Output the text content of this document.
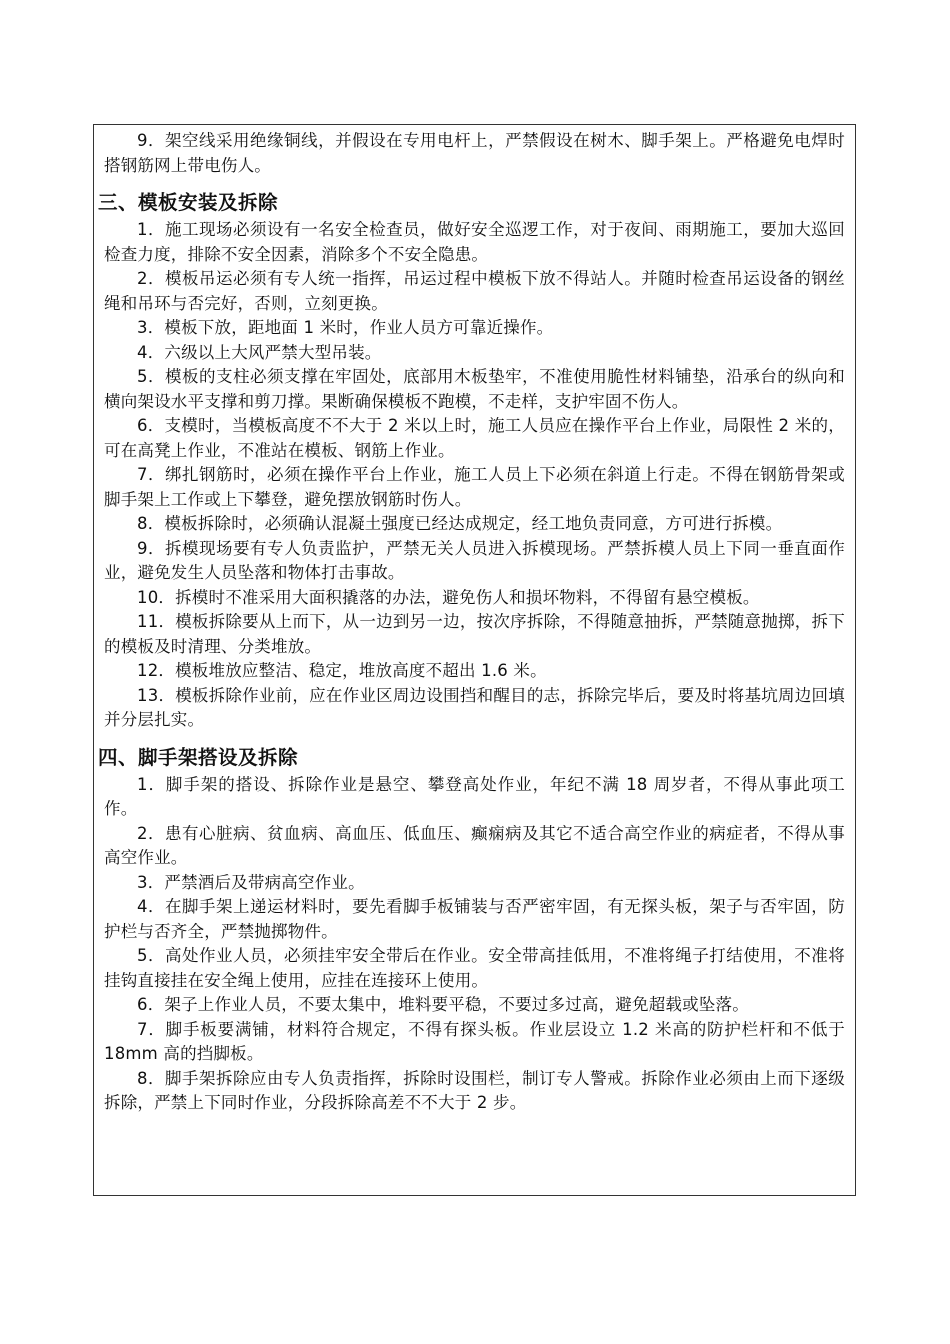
9．架空线采用绝缘铜线，并假设在专用电杆上，严禁假设在树木、脚手架上。严格避免电焊时搭钢筋网上带电伤人。

三、模板安装及拆除

1．施工现场必须设有一名安全检查员，做好安全巡逻工作，对于夜间、雨期施工，要加大巡回检查力度，排除不安全因素，消除多个不安全隐患。

2．模板吊运必须有专人统一指挥，吊运过程中模板下放不得站人。并随时检查吊运设备的钢丝绳和吊环与否完好，否则，立刻更换。

3．模板下放，距地面 1 米时，作业人员方可靠近操作。

4．六级以上大风严禁大型吊装。

5．模板的支柱必须支撑在牢固处，底部用木板垫牢，不准使用脆性材料铺垫，沿承台的纵向和横向架设水平支撑和剪刀撑。果断确保模板不跑模，不走样，支护牢固不伤人。

6．支模时，当模板高度不不大于 2 米以上时，施工人员应在操作平台上作业，局限性 2 米的，可在高凳上作业，不准站在模板、钢筋上作业。

7．绑扎钢筋时，必须在操作平台上作业，施工人员上下必须在斜道上行走。不得在钢筋骨架或脚手架上工作或上下攀登，避免摆放钢筋时伤人。

8．模板拆除时，必须确认混凝土强度已经达成规定，经工地负责同意，方可进行拆模。

9．拆模现场要有专人负责监护，严禁无关人员进入拆模现场。严禁拆模人员上下同一垂直面作业，避免发生人员坠落和物体打击事故。

10．拆模时不准采用大面积撬落的办法，避免伤人和损坏物料，不得留有悬空模板。

11．模板拆除要从上而下，从一边到另一边，按次序拆除，不得随意抽拆，严禁随意抛掷，拆下的模板及时清理、分类堆放。

12．模板堆放应整洁、稳定，堆放高度不超出 1.6 米。

13．模板拆除作业前，应在作业区周边设围挡和醒目的志，拆除完毕后，要及时将基坑周边回填并分层扎实。

四、脚手架搭设及拆除

1．脚手架的搭设、拆除作业是悬空、攀登高处作业，年纪不满 18 周岁者，不得从事此项工作。

2．患有心脏病、贫血病、高血压、低血压、癫痫病及其它不适合高空作业的病症者，不得从事高空作业。

3．严禁酒后及带病高空作业。

4．在脚手架上递运材料时，要先看脚手板铺装与否严密牢固，有无探头板，架子与否牢固，防护栏与否齐全，严禁抛掷物件。

5．高处作业人员，必须挂牢安全带后在作业。安全带高挂低用，不准将绳子打结使用，不准将挂钩直接挂在安全绳上使用，应挂在连接环上使用。

6．架子上作业人员，不要太集中，堆料要平稳，不要过多过高，避免超载或坠落。

7．脚手板要满铺，材料符合规定，不得有探头板。作业层设立 1.2 米高的防护栏杆和不低于 18mm 高的挡脚板。

8．脚手架拆除应由专人负责指挥，拆除时设围栏，制订专人警戒。拆除作业必须由上而下逐级拆除，严禁上下同时作业，分段拆除高差不不大于 2 步。
